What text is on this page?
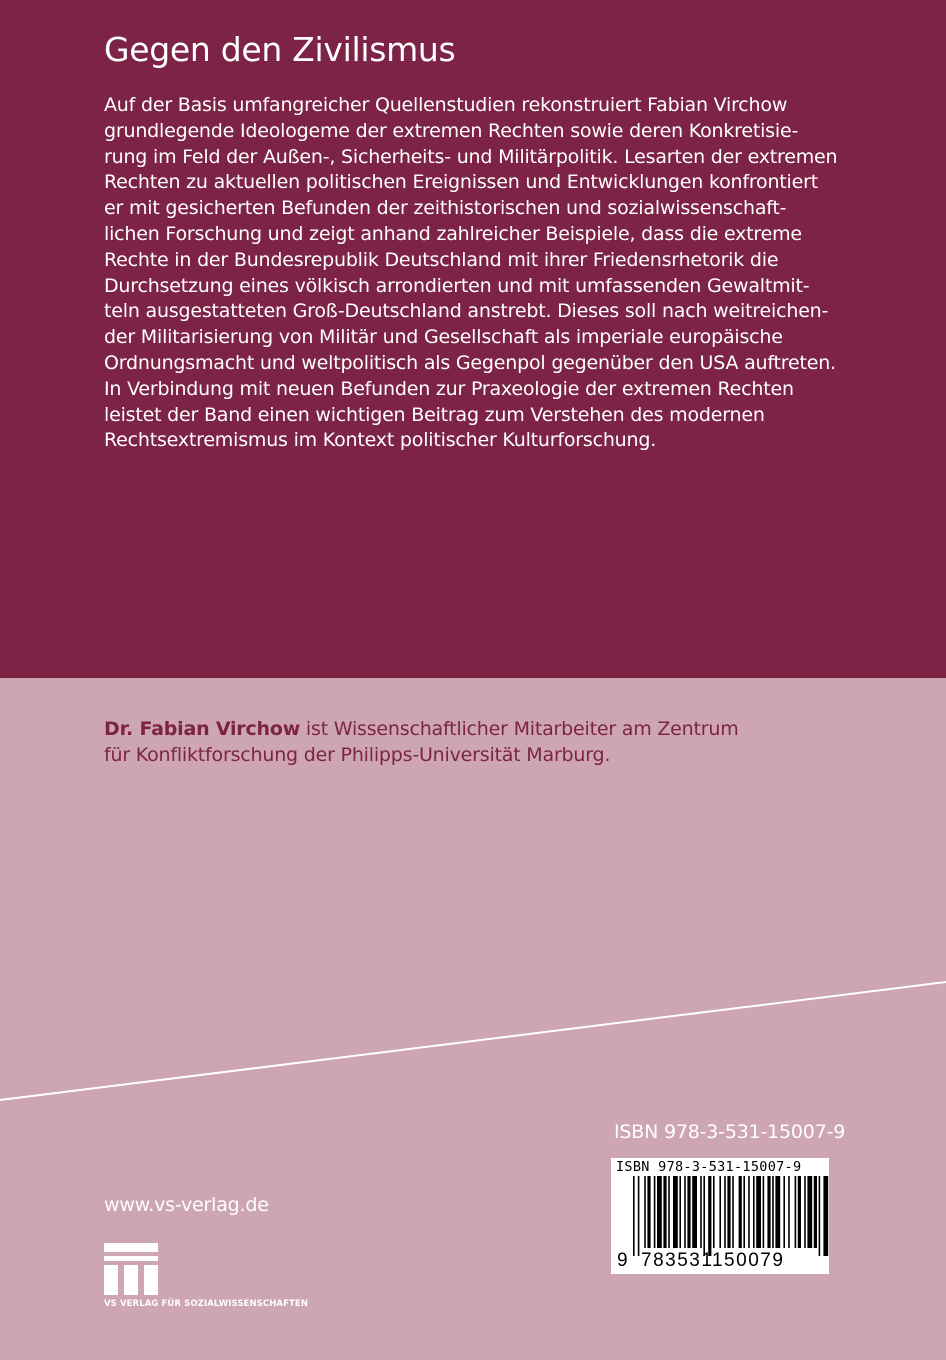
Gegen den Zivilismus

Auf der Basis umfangreicher Quellenstudien rekonstruiert Fabian Virchow
grundlegende Ideologeme der extremen Rechten sowie deren Konkretisie-
rung im Feld der Außen-, Sicherheits- und Militärpolitik. Lesarten der extremen
Rechten zu aktuellen politischen Ereignissen und Entwicklungen konfrontiert
er mit gesicherten Befunden der zeithistorischen und sozialwissenschaft-
lichen Forschung und zeigt anhand zahlreicher Beispiele, dass die extreme
Rechte in der Bundesrepublik Deutschland mit ihrer Friedensrhetorik die
Durchsetzung eines völkisch arrondierten und mit umfassenden Gewaltmit-
teln ausgestatteten Groß-Deutschland anstrebt. Dieses soll nach weitreichen-
der Militarisierung von Militär und Gesellschaft als imperiale europäische
Ordnungsmacht und weltpolitisch als Gegenpol gegenüber den USA auftreten.
In Verbindung mit neuen Befunden zur Praxeologie der extremen Rechten
leistet der Band einen wichtigen Beitrag zum Verstehen des modernen
Rechtsextremismus im Kontext politischer Kulturforschung.

Dr. Fabian Virchow ist Wissenschaftlicher Mitarbeiter am Zentrum
für Konfliktforschung der Philipps-Universität Marburg.
ISBN 978-3-531-15007-9
ISBN 978-3-531-15007-9
9 783531150079
www.vs-verlag.de
VS VERLAG FÜR SOZIALWISSENSCHAFTEN
